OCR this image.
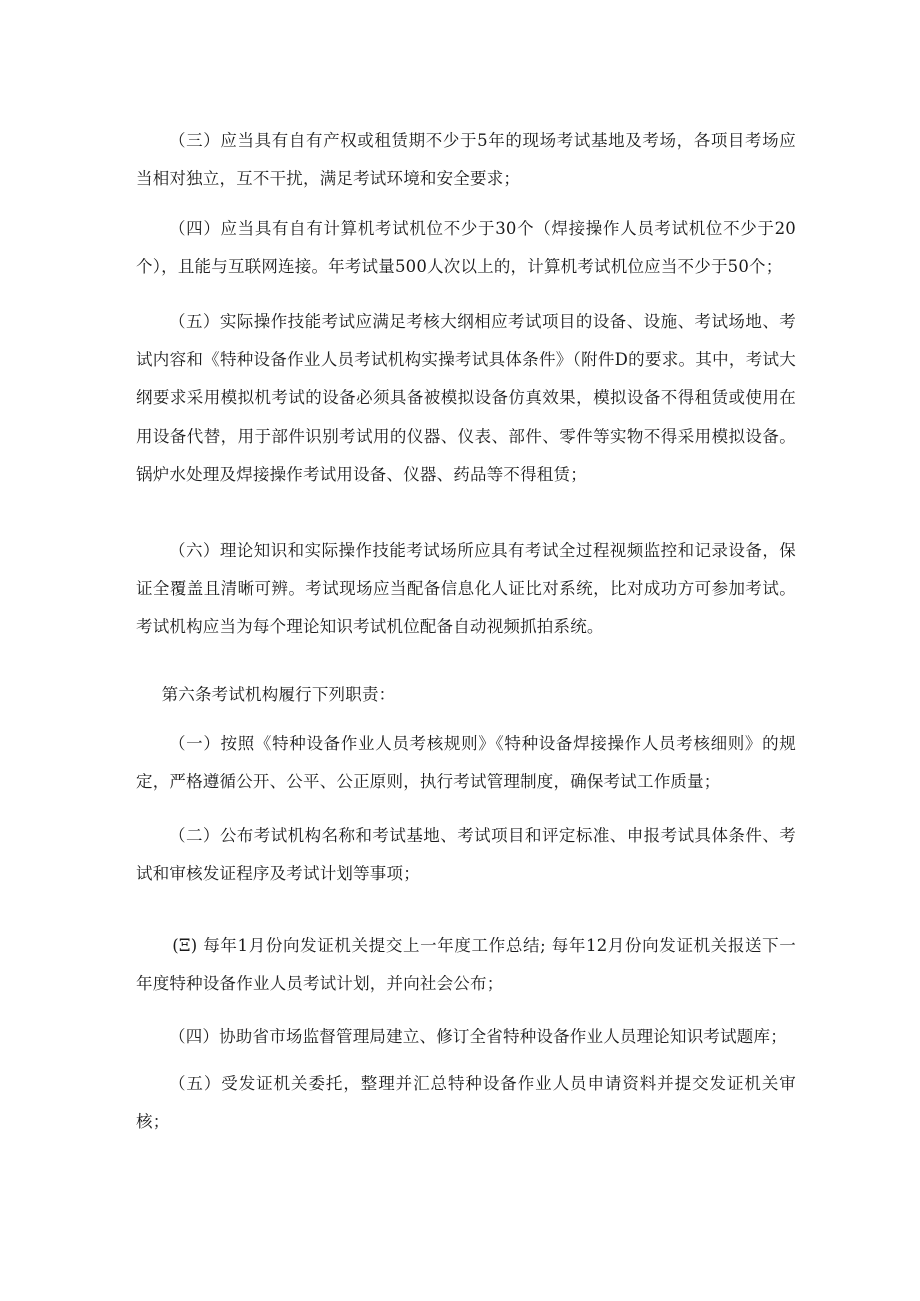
（三）应当具有自有产权或租赁期不少于5年的现场考试基地及考场，各项目考场应当相对独立，互不干扰，满足考试环境和安全要求；

（四）应当具有自有计算机考试机位不少于30个（焊接操作人员考试机位不少于20个），且能与互联网连接。年考试量500人次以上的，计算机考试机位应当不少于50个；

（五）实际操作技能考试应满足考核大纲相应考试项目的设备、设施、考试场地、考试内容和《特种设备作业人员考试机构实操考试具体条件》（附件D的要求。其中，考试大纲要求采用模拟机考试的设备必须具备被模拟设备仿真效果，模拟设备不得租赁或使用在用设备代替，用于部件识别考试用的仪器、仪表、部件、零件等实物不得采用模拟设备。锅炉水处理及焊接操作考试用设备、仪器、药品等不得租赁；

（六）理论知识和实际操作技能考试场所应具有考试全过程视频监控和记录设备，保证全覆盖且清晰可辨。考试现场应当配备信息化人证比对系统，比对成功方可参加考试。考试机构应当为每个理论知识考试机位配备自动视频抓拍系统。

第六条考试机构履行下列职责：

（一）按照《特种设备作业人员考核规则》《特种设备焊接操作人员考核细则》的规定，严格遵循公开、公平、公正原则，执行考试管理制度，确保考试工作质量；

（二）公布考试机构名称和考试基地、考试项目和评定标准、申报考试具体条件、考试和审核发证程序及考试计划等事项；

(Ξ) 每年1月份向发证机关提交上一年度工作总结; 每年12月份向发证机关报送下一年度特种设备作业人员考试计划，并向社会公布；

（四）协助省市场监督管理局建立、修订全省特种设备作业人员理论知识考试题库；

（五）受发证机关委托，整理并汇总特种设备作业人员申请资料并提交发证机关审核；
